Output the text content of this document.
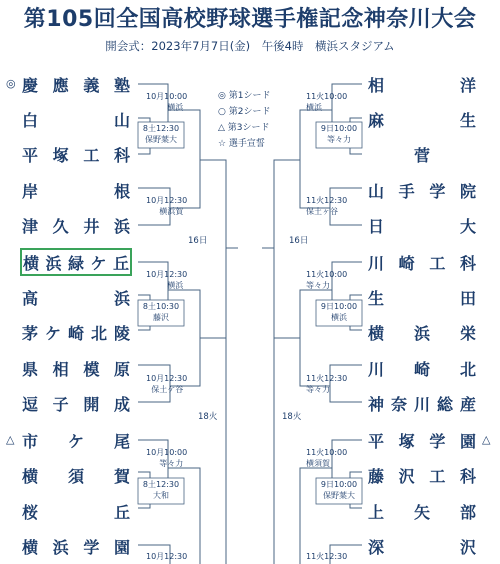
第105回全国高校野球選手権記念神奈川大会
開会式：2023年7月7日(金)　午後4時　横浜スタジアム
◎ 第1シード
○ 第2シード
△ 第3シード
☆ 選手宣誓
◎
△	△
慶 應 義 塾
白	山
平 塚 工 科
岸	根
津 久 井 浜
横 浜 緑 ケ 丘
高	浜
茅 ケ 崎 北 陵
県 相 模 原
逗 子 開 成
市 ケ 尾
横 須 賀
桜	丘
横 浜 学 園
相	洋
麻	生
菅
山 手 学 院
日	大
川 崎 工 科
生	田
横 浜 栄
川 崎 北
神 奈 川 総 産
平 塚 学 園
藤 沢 工 科
上 矢 部
深	沢
10月10:00
横浜
8土12:30
保野葉大
10月12:30
横浜賀
10月12:30
横浜
8土10:30
藤沢
10月12:30
保土ケ谷
10月10:00
等々力
8土12:30
大和
10月12:30
11火10:00
横浜
9日10:00
等々力
11火12:30
保土ヶ谷
11火10:00
等々力
9日10:00
横浜
11火12:30
等々力
11火10:00
横須賀
9日10:00
保野葉大
11火12:30
16日	16日
18火	18火
